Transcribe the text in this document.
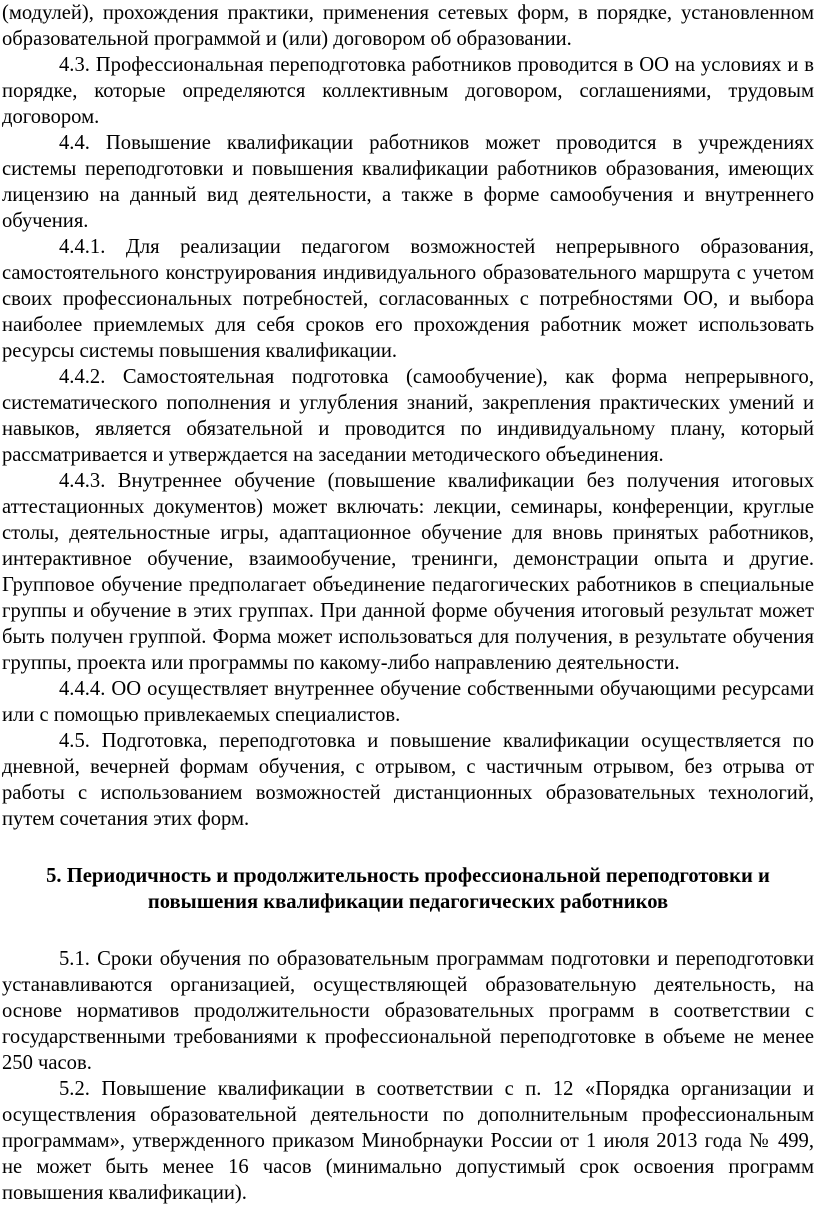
(модулей), прохождения практики, применения сетевых форм, в порядке, установленном образовательной программой и (или) договором об образовании.

4.3. Профессиональная переподготовка работников проводится в ОО на условиях и в порядке, которые определяются коллективным договором, соглашениями, трудовым договором.

4.4. Повышение квалификации работников может проводится в учреждениях системы переподготовки и повышения квалификации работников образования, имеющих лицензию на данный вид деятельности, а также в форме самообучения и внутреннего обучения.

4.4.1. Для реализации педагогом возможностей непрерывного образования, самостоятельного конструирования индивидуального образовательного маршрута с учетом своих профессиональных потребностей, согласованных с потребностями ОО, и выбора наиболее приемлемых для себя сроков его прохождения работник может использовать ресурсы системы повышения квалификации.

4.4.2. Самостоятельная подготовка (самообучение), как форма непрерывного, систематического пополнения и углубления знаний, закрепления практических умений и навыков, является обязательной и проводится по индивидуальному плану, который рассматривается и утверждается на заседании методического объединения.

4.4.3. Внутреннее обучение (повышение квалификации без получения итоговых аттестационных документов) может включать: лекции, семинары, конференции, круглые столы, деятельностные игры, адаптационное обучение для вновь принятых работников, интерактивное обучение, взаимообучение, тренинги, демонстрации опыта и другие. Групповое обучение предполагает объединение педагогических работников в специальные группы и обучение в этих группах. При данной форме обучения итоговый результат может быть получен группой. Форма может использоваться для получения, в результате обучения группы, проекта или программы по какому-либо направлению деятельности.

4.4.4. ОО осуществляет внутреннее обучение собственными обучающими ресурсами или с помощью привлекаемых специалистов.

4.5. Подготовка, переподготовка и повышение квалификации осуществляется по дневной, вечерней формам обучения, с отрывом, с частичным отрывом, без отрыва от работы с использованием возможностей дистанционных образовательных технологий, путем сочетания этих форм.

5. Периодичность и продолжительность профессиональной переподготовки и повышения квалификации педагогических работников

5.1. Сроки обучения по образовательным программам подготовки и переподготовки устанавливаются организацией, осуществляющей образовательную деятельность, на основе нормативов продолжительности образовательных программ в соответствии с государственными требованиями к профессиональной переподготовке в объеме не менее 250 часов.

5.2. Повышение квалификации в соответствии с п. 12 «Порядка организации и осуществления образовательной деятельности по дополнительным профессиональным программам», утвержденного приказом Минобрнауки России от 1 июля 2013 года № 499, не может быть менее 16 часов (минимально допустимый срок освоения программ повышения квалификации).
